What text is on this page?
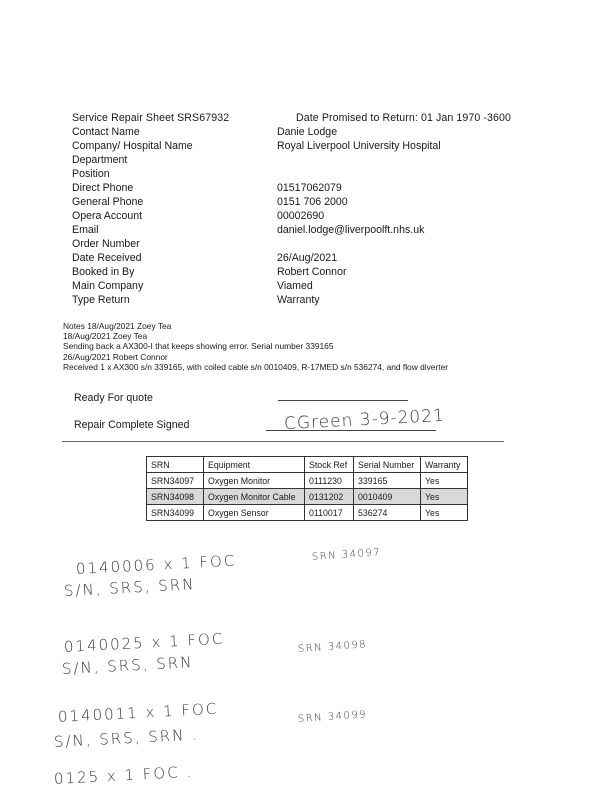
Service Repair Sheet SRS67932	Date Promised to Return: 01 Jan 1970 -3600
Contact Name	Danie Lodge
Company/ Hospital Name	Royal Liverpool University Hospital
Department
Position
Direct Phone	01517062079
General Phone	0151 706 2000
Opera Account	00002690
Email	daniel.lodge@liverpoolft.nhs.uk
Order Number
Date Received	26/Aug/2021
Booked in By	Robert Connor
Main Company	Viamed
Type Return	Warranty
Notes 18/Aug/2021 Zoey Tea
18/Aug/2021 Zoey Tea
Sending back a AX300-I that keeps showing error. Serial number 339165
26/Aug/2021 Robert Connor
Received 1 x AX300 s/n 339165, with coiled cable s/n 0010409, R-17MED s/n 536274, and flow diverter
Ready For quote
Repair Complete Signed	CGreen 3-9-2021
SRN	Equipment	Stock Ref	Serial Number	Warranty
SRN34097	Oxygen Monitor	0111230	339165	Yes
SRN34098	Oxygen Monitor Cable	0131202	0010409	Yes
SRN34099	Oxygen Sensor	0110017	536274	Yes
0140006 x 1 FOC
S/N, SRS, SRN
SRN 34097
0140025 x 1 FOC
S/N, SRS, SRN
SRN 34098
0140011 x 1 FOC
S/N, SRS, SRN .
SRN 34099
0125 x 1 FOC .
